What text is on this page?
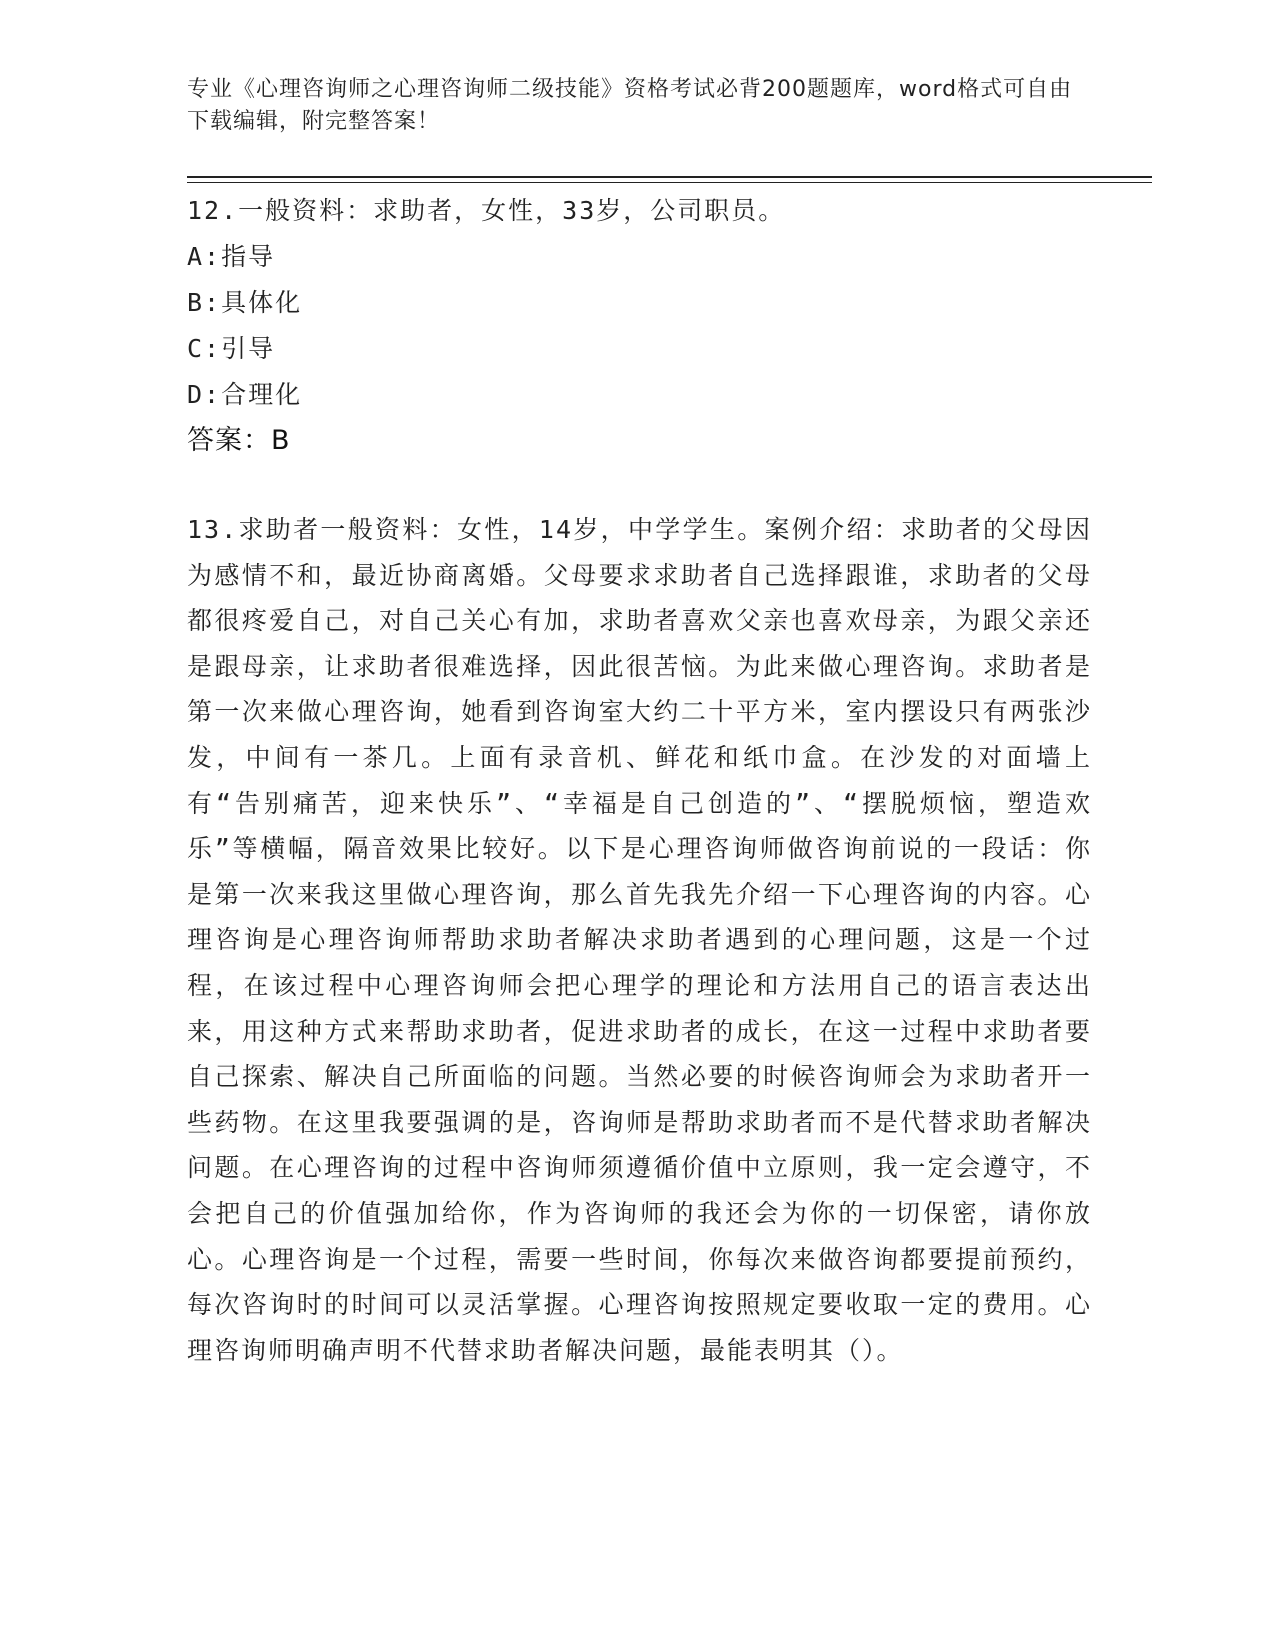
专业《心理咨询师之心理咨询师二级技能》资格考试必背200题题库，word格式可自由下载编辑，附完整答案！
12.一般资料：求助者，女性，33岁，公司职员。
A:指导
B:具体化
C:引导
D:合理化
答案：B
13.求助者一般资料：女性，14岁，中学学生。案例介绍：求助者的父母因为感情不和，最近协商离婚。父母要求求助者自己选择跟谁，求助者的父母都很疼爱自己，对自己关心有加，求助者喜欢父亲也喜欢母亲，为跟父亲还是跟母亲，让求助者很难选择，因此很苦恼。为此来做心理咨询。求助者是第一次来做心理咨询，她看到咨询室大约二十平方米，室内摆设只有两张沙发，中间有一茶几。上面有录音机、鲜花和纸巾盒。在沙发的对面墙上有“告别痛苦，迎来快乐”、“幸福是自己创造的”、“摆脱烦恼，塑造欢乐”等横幅，隔音效果比较好。以下是心理咨询师做咨询前说的一段话：你是第一次来我这里做心理咨询，那么首先我先介绍一下心理咨询的内容。心理咨询是心理咨询师帮助求助者解决求助者遇到的心理问题，这是一个过程，在该过程中心理咨询师会把心理学的理论和方法用自己的语言表达出来，用这种方式来帮助求助者，促进求助者的成长，在这一过程中求助者要自己探索、解决自己所面临的问题。当然必要的时候咨询师会为求助者开一些药物。在这里我要强调的是，咨询师是帮助求助者而不是代替求助者解决问题。在心理咨询的过程中咨询师须遵循价值中立原则，我一定会遵守，不会把自己的价值强加给你，作为咨询师的我还会为你的一切保密，请你放心。心理咨询是一个过程，需要一些时间，你每次来做咨询都要提前预约，每次咨询时的时间可以灵活掌握。心理咨询按照规定要收取一定的费用。心理咨询师明确声明不代替求助者解决问题，最能表明其（）。
